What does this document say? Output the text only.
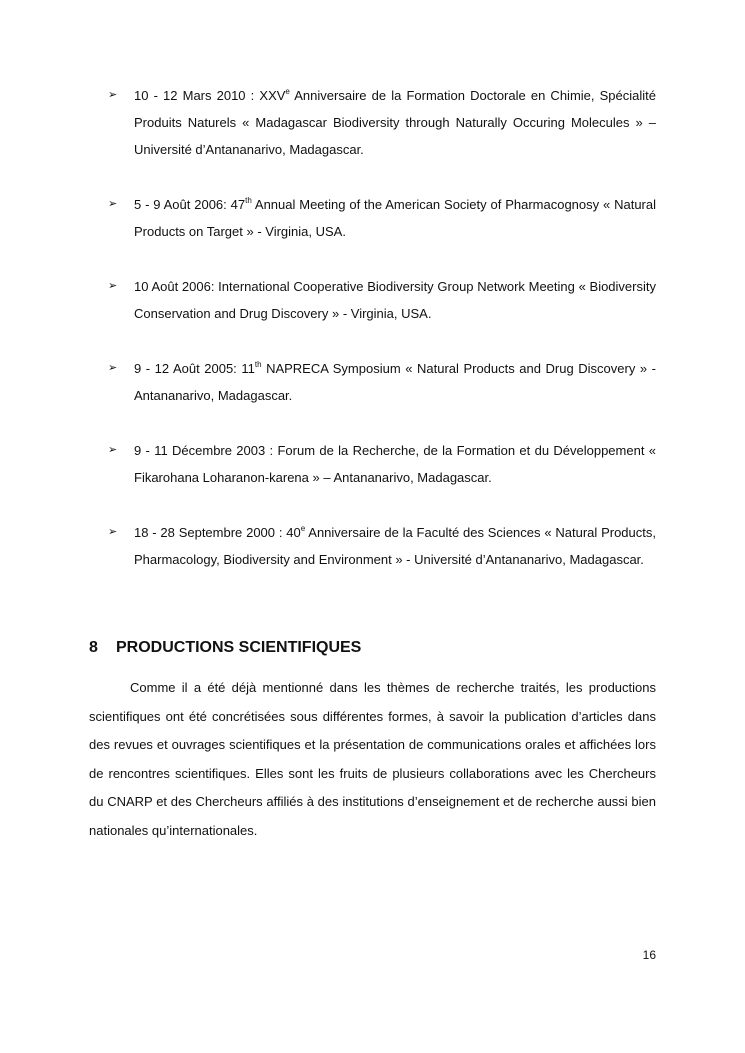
➢ 10 - 12 Mars 2010 : XXVe Anniversaire de la Formation Doctorale en Chimie, Spécialité Produits Naturels « Madagascar Biodiversity through Naturally Occuring Molecules » – Université d’Antananarivo, Madagascar.
➢ 5 - 9 Août 2006: 47th Annual Meeting of the American Society of Pharmacognosy « Natural Products on Target » - Virginia, USA.
➢ 10 Août 2006: International Cooperative Biodiversity Group Network Meeting « Biodiversity Conservation and Drug Discovery » - Virginia, USA.
➢ 9 - 12 Août 2005: 11th NAPRECA Symposium « Natural Products and Drug Discovery » - Antananarivo, Madagascar.
➢ 9 - 11 Décembre 2003 : Forum de la Recherche, de la Formation et du Développement « Fikarohana Loharanon-karena » – Antananarivo, Madagascar.
➢ 18 - 28 Septembre 2000 : 40e Anniversaire de la Faculté des Sciences « Natural Products, Pharmacology, Biodiversity and Environment » - Université d’Antananarivo, Madagascar.
8 PRODUCTIONS SCIENTIFIQUES

Comme il a été déjà mentionné dans les thèmes de recherche traités, les productions scientifiques ont été concrétisées sous différentes formes, à savoir la publication d’articles dans des revues et ouvrages scientifiques et la présentation de communications orales et affichées lors de rencontres scientifiques. Elles sont les fruits de plusieurs collaborations avec les Chercheurs du CNARP et des Chercheurs affiliés à des institutions d’enseignement et de recherche aussi bien nationales qu’internationales.

16
